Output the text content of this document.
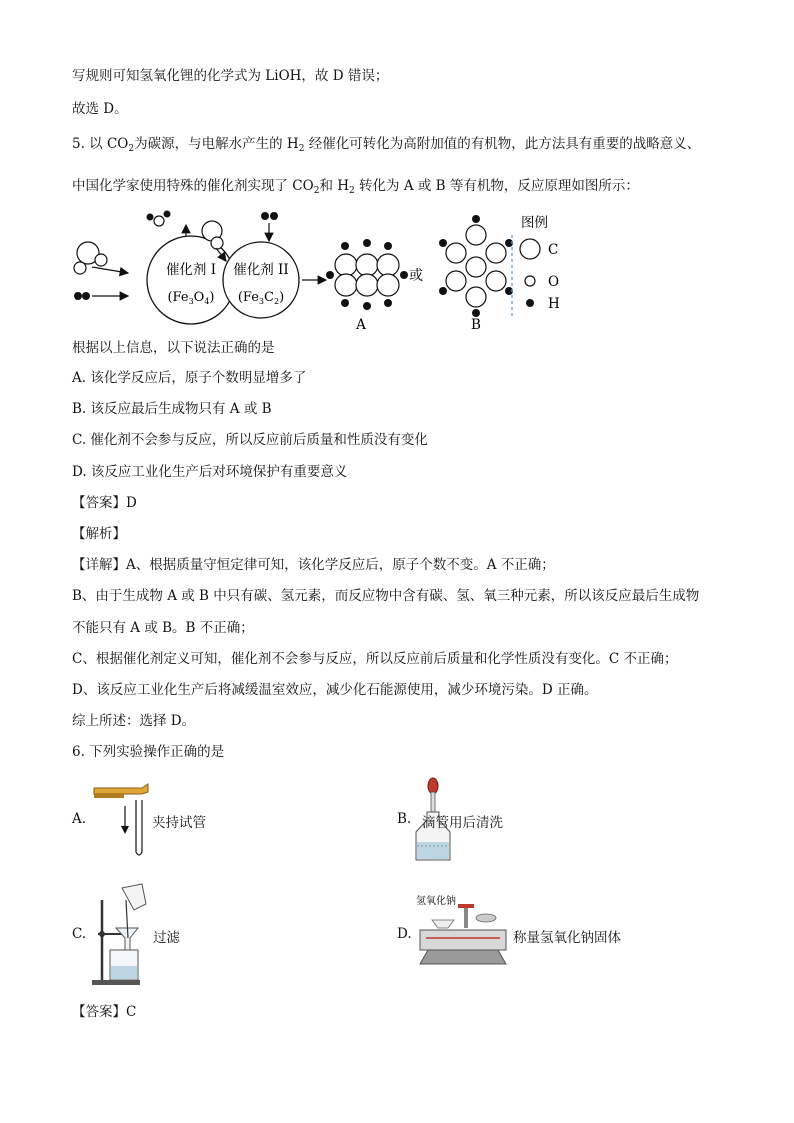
写规则可知氢氧化锂的化学式为 LiOH，故 D 错误；
故选 D。
5. 以 $CO_2$为碳源，与电解水产生的 $H_2$ 经催化可转化为高附加值的有机物，此方法具有重要的战略意义、
中国化学家使用特殊的催化剂实现了 $CO_2$和 $H_2$ 转化为 A 或 B 等有机物，反应原理如图所示：
催化剂 I
$(Fe_3O_4)$
催化剂 II
$(Fe_3C_2)$
A
或
B
图例
C
O
H
根据以上信息，以下说法正确的是
A. 该化学反应后，原子个数明显增多了
B. 该反应最后生成物只有 A 或 B
C. 催化剂不会参与反应，所以反应前后质量和性质没有变化
D. 该反应工业化生产后对环境保护有重要意义
【答案】D
【解析】
【详解】A、根据质量守恒定律可知，该化学反应后，原子个数不变。A 不正确；
B、由于生成物 A 或 B 中只有碳、氢元素，而反应物中含有碳、氢、氧三种元素，所以该反应最后生成物
不能只有 A 或 B。B 不正确；
C、根据催化剂定义可知，催化剂不会参与反应，所以反应前后质量和化学性质没有变化。C 不正确；
D、该反应工业化生产后将减缓温室效应，减少化石能源使用，减少环境污染。D 正确。
综上所述：选择 D。
6. 下列实验操作正确的是
A.	夹持试管	B. 滴管用后清洗
C.	过滤	D.
氢氧化钠
称量氢氧化钠固体
【答案】C
